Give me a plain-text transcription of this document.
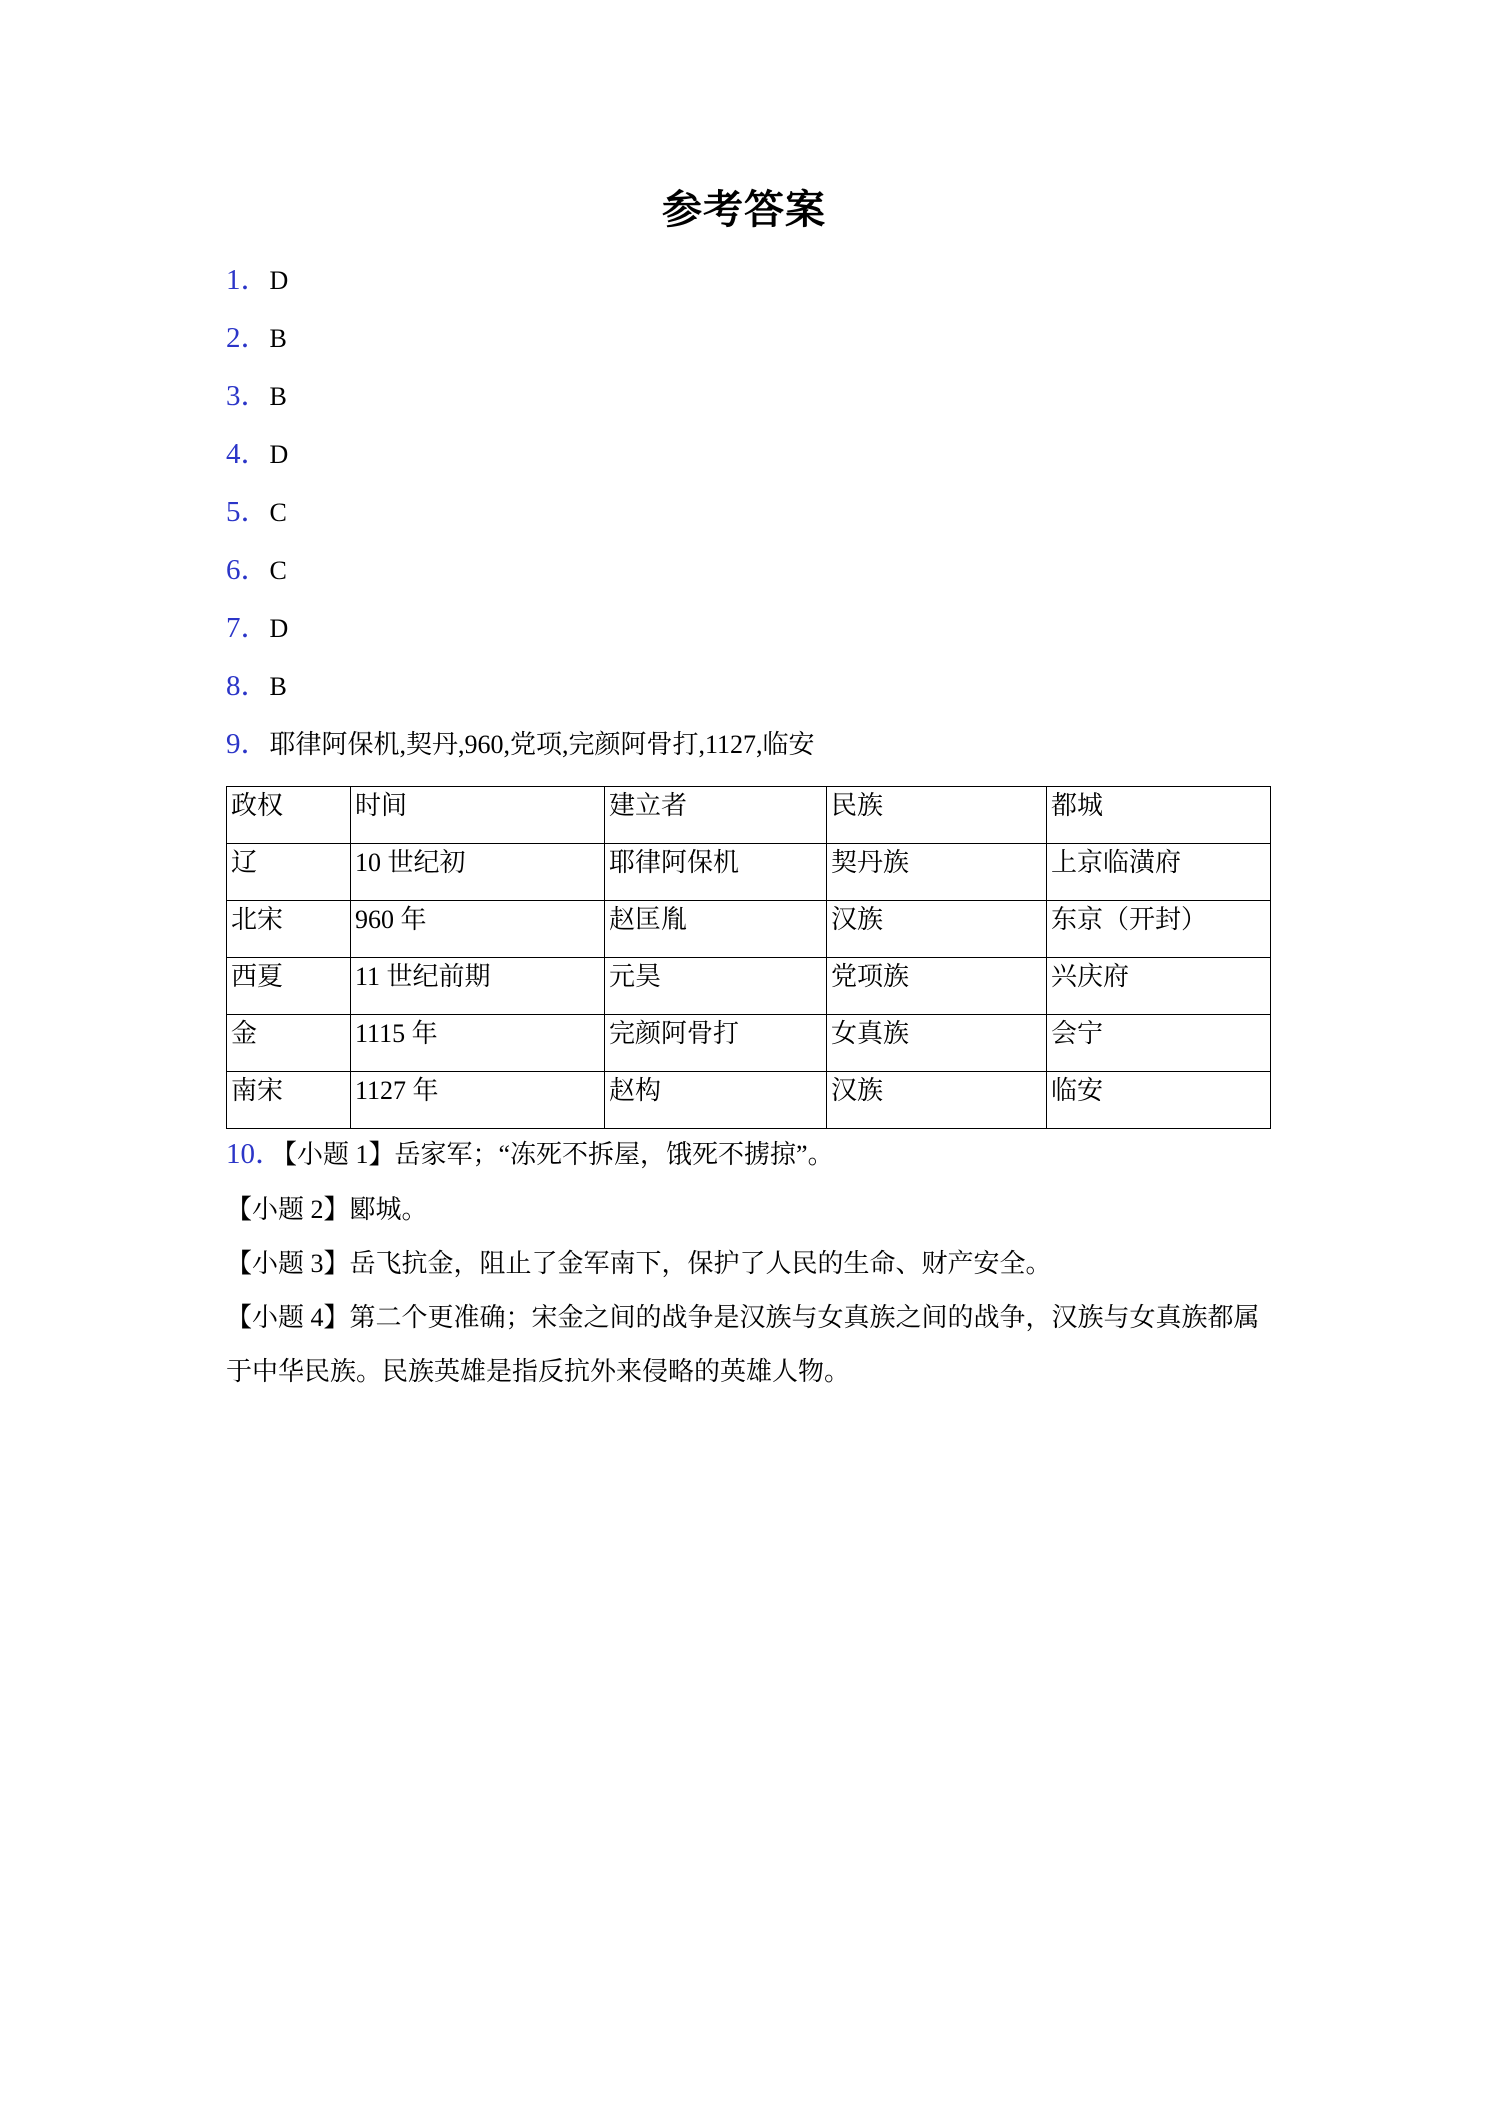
参考答案
1．D
2．B
3．B
4．D
5．C
6．C
7．D
8．B
9．耶律阿保机,契丹,960,党项,完颜阿骨打,1127,临安
政权	时间	建立者	民族	都城
辽	10 世纪初	耶律阿保机	契丹族	上京临潢府
北宋	960 年	赵匡胤	汉族	东京（开封）
西夏	11 世纪前期	元昊	党项族	兴庆府
金	1115 年	完颜阿骨打	女真族	会宁
南宋	1127 年	赵构	汉族	临安
10．【小题 1】岳家军；“冻死不拆屋，饿死不掳掠”。
【小题 2】郾城。
【小题 3】岳飞抗金，阻止了金军南下，保护了人民的生命、财产安全。
【小题 4】第二个更准确；宋金之间的战争是汉族与女真族之间的战争，汉族与女真族都属
于中华民族。民族英雄是指反抗外来侵略的英雄人物。
